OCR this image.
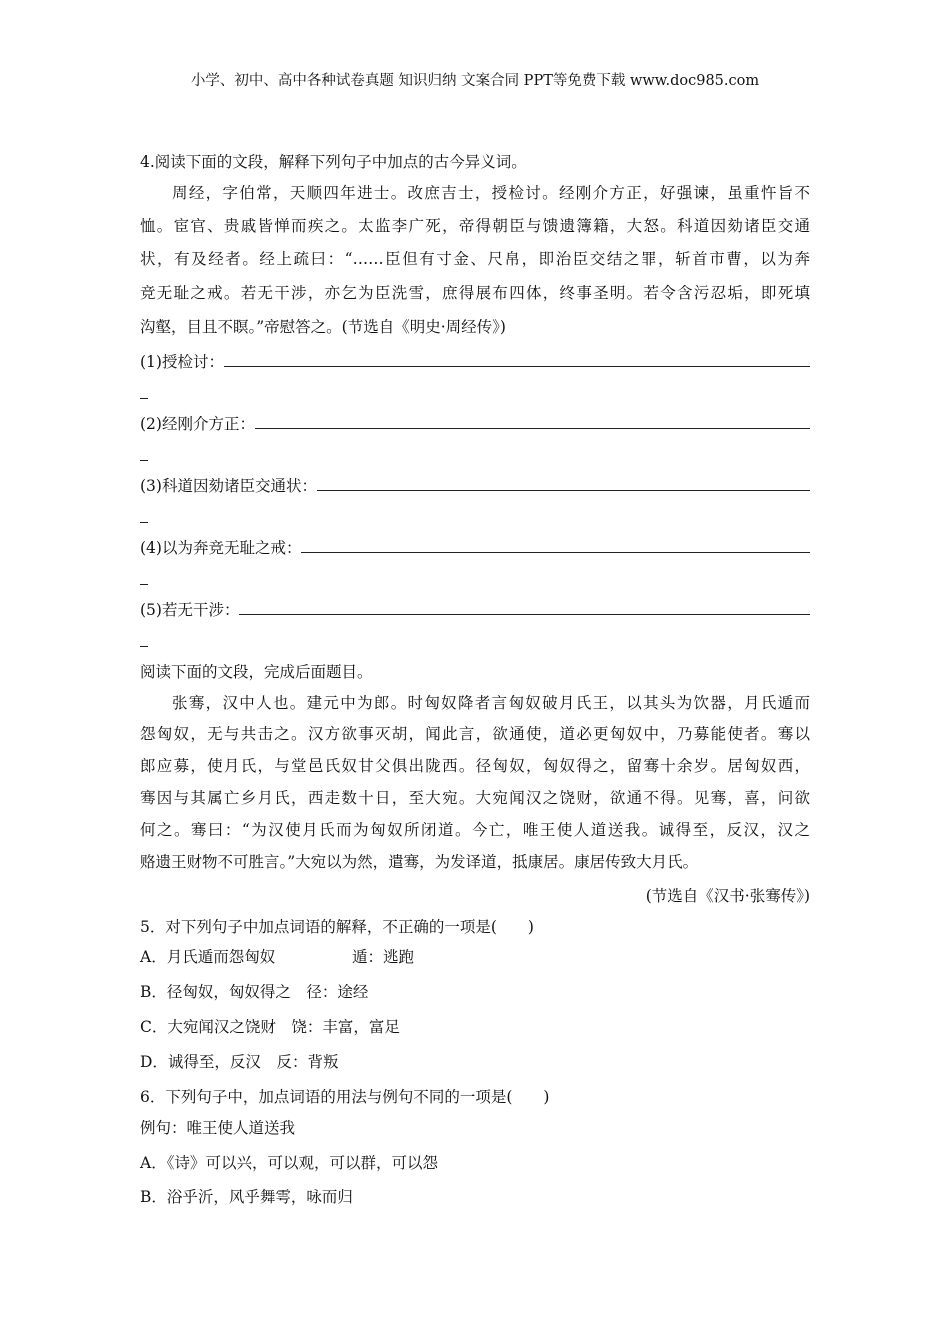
小学、初中、高中各种试卷真题 知识归纳 文案合同 PPT等免费下载 www.doc985.com
4.阅读下面的文段，解释下列句子中加点的古今异义词。
周经，字伯常，天顺四年进士。改庶吉士，授检讨。经刚介方正，好强谏，虽重忤旨不
恤。宦官、贵戚皆惮而疾之。太监李广死，帝得朝臣与馈遗簿籍，大怒。科道因劾诸臣交通
状，有及经者。经上疏曰：“……臣但有寸金、尺帛，即治臣交结之罪，斩首市曹，以为奔
竞无耻之戒。若无干涉，亦乞为臣洗雪，庶得展布四体，终事圣明。若令含污忍垢，即死填
沟壑，目且不瞑。”帝慰答之。(节选自《明史·周经传》)
(1)授检讨：
(2)经刚介方正：
(3)科道因劾诸臣交通状：
(4)以为奔竞无耻之戒：
(5)若无干涉：
阅读下面的文段，完成后面题目。
张骞，汉中人也。建元中为郎。时匈奴降者言匈奴破月氏王，以其头为饮器，月氏遁而
怨匈奴，无与共击之。汉方欲事灭胡，闻此言，欲通使，道必更匈奴中，乃募能使者。骞以
郎应募，使月氏，与堂邑氏奴甘父俱出陇西。径匈奴，匈奴得之，留骞十余岁。居匈奴西，
骞因与其属亡乡月氏，西走数十日，至大宛。大宛闻汉之饶财，欲通不得。见骞，喜，问欲
何之。骞曰：“为汉使月氏而为匈奴所闭道。今亡，唯王使人道送我。诚得至，反汉，汉之
赂遗王财物不可胜言。”大宛以为然，遣骞，为发译道，抵康居。康居传致大月氏。
(节选自《汉书·张骞传》)
5．对下列句子中加点词语的解释，不正确的一项是(　　)
A．月氏遁而怨匈奴	遁：逃跑
B．径匈奴，匈奴得之　 径：途经
C．大宛闻汉之饶财　 饶：丰富，富足
D．诚得至，反汉　 反：背叛
6．下列句子中，加点词语的用法与例句不同的一项是(　　)
例句：唯王使人道送我
A．《诗》可以兴，可以观，可以群，可以怨
B．浴乎沂，风乎舞雩，咏而归
